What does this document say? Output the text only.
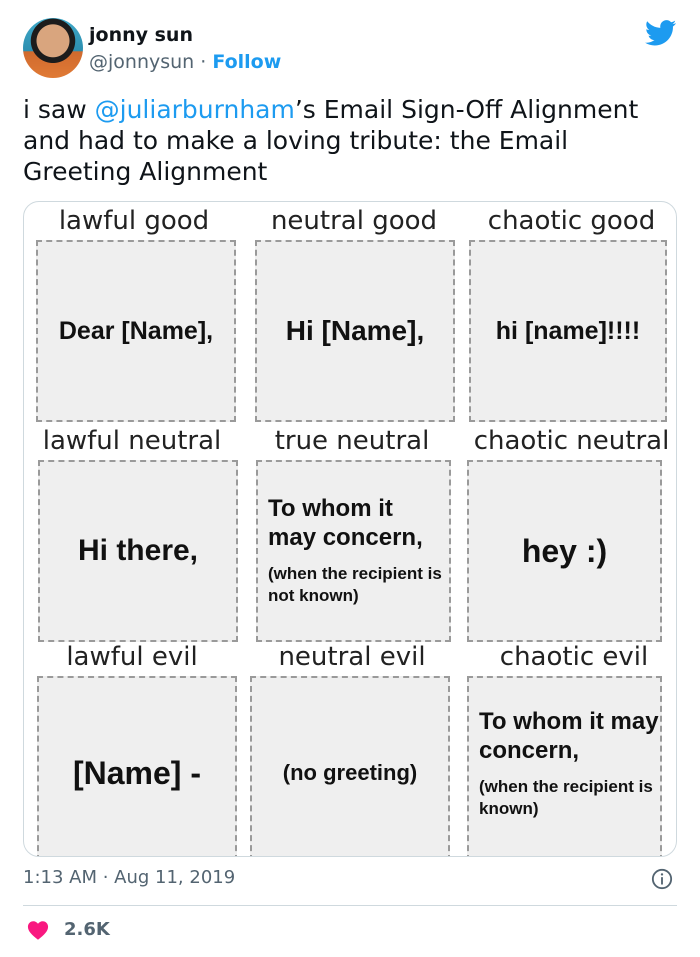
jonny sun
@jonnysun · Follow
i saw @juliarburnham’s Email Sign-Off Alignment and had to make a loving tribute: the Email Greeting Alignment
lawful good
Dear [Name],
neutral good
Hi [Name],
chaotic good
hi [name]!!!!
lawful neutral
Hi there,
true neutral
To whom it may concern,
(when the recipient is not known)
chaotic neutral
hey :)
lawful evil
[Name] -
neutral evil
(no greeting)
chaotic evil
To whom it may concern,
(when the recipient is known)
1:13 AM · Aug 11, 2019
2.6K
